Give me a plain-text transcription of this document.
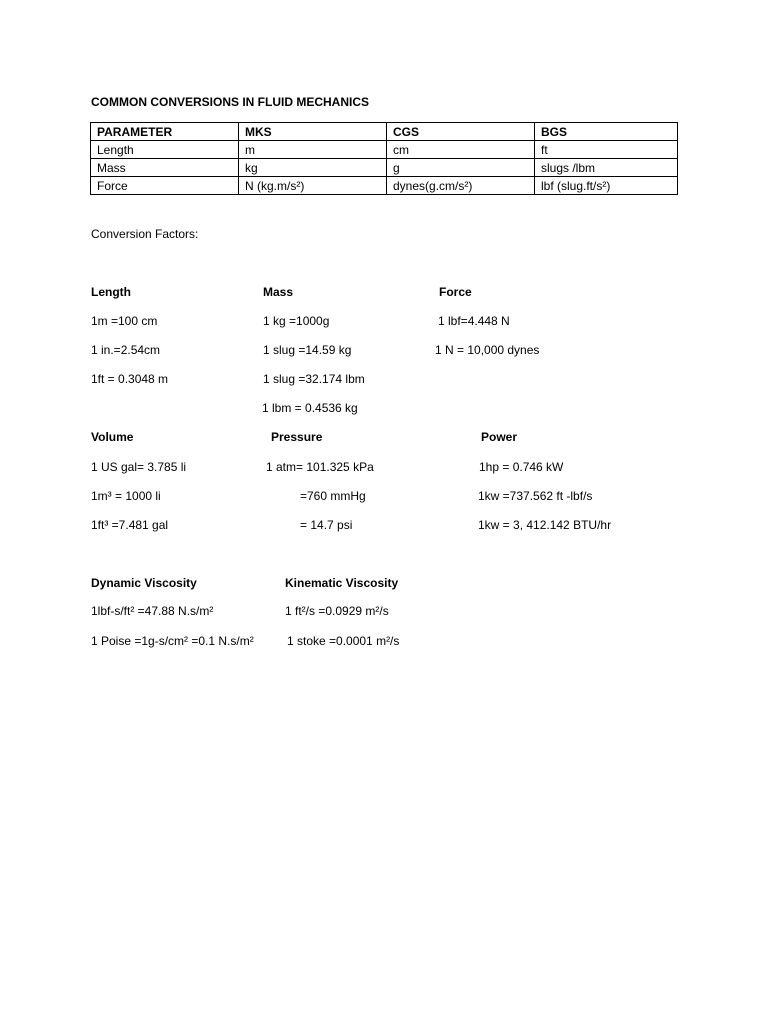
COMMON CONVERSIONS IN FLUID MECHANICS
PARAMETER	MKS	CGS	BGS
Length	m	cm	ft
Mass	kg	g	slugs /lbm
Force	N (kg.m/s²)	dynes(g.cm/s²)	lbf (slug.ft/s²)
Conversion Factors:
Length
1m =100 cm
1 in.=2.54cm
1ft = 0.3048 m
Mass
1 kg =1000g
1 slug =14.59 kg
1 slug =32.174 lbm
1 lbm = 0.4536 kg
Force
1 lbf=4.448 N
1 N = 10,000 dynes
Volume
1 US gal= 3.785 li
1m³ = 1000 li
1ft³ =7.481 gal
Pressure
1 atm= 101.325 kPa
=760 mmHg
= 14.7 psi
Power
1hp = 0.746 kW
1kw =737.562 ft -lbf/s
1kw = 3, 412.142 BTU/hr
Dynamic Viscosity
1lbf-s/ft² =47.88 N.s/m²
1 Poise =1g-s/cm² =0.1 N.s/m²
Kinematic Viscosity
1 ft²/s =0.0929 m²/s
1 stoke =0.0001 m²/s
